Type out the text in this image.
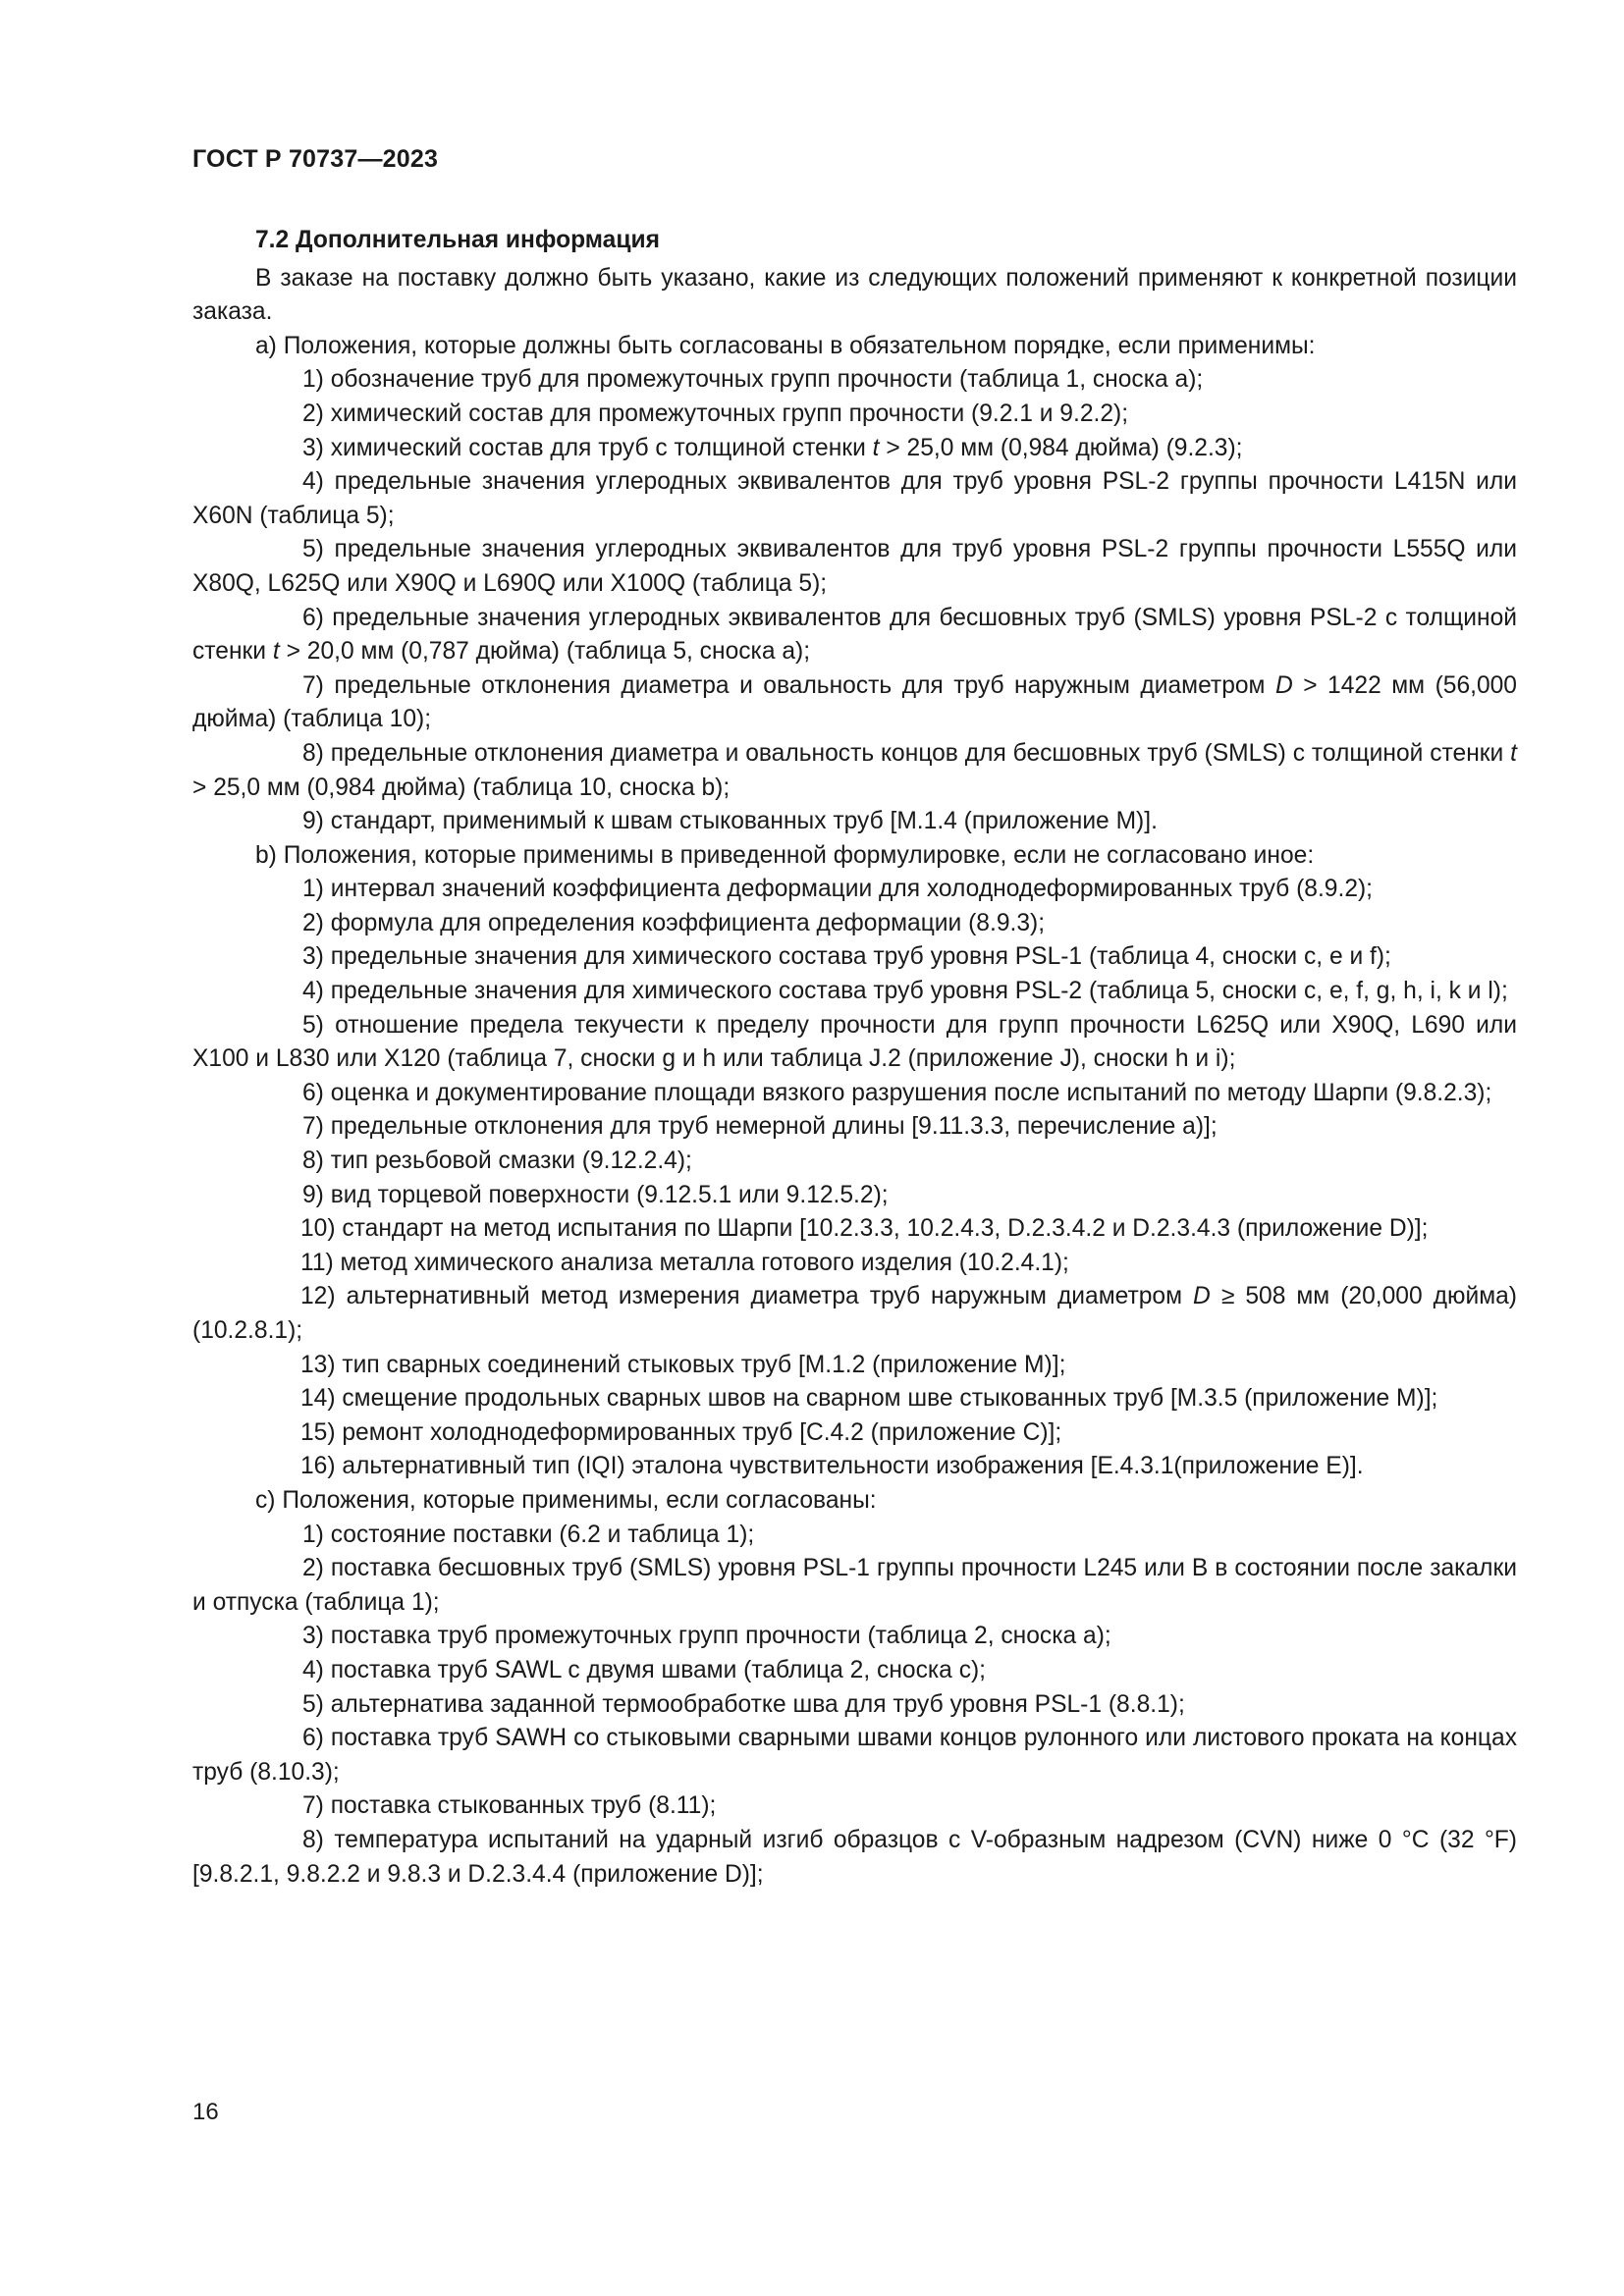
ГОСТ Р 70737—2023
7.2 Дополнительная информация
В заказе на поставку должно быть указано, какие из следующих положений применяют к конкретной позиции заказа.
a) Положения, которые должны быть согласованы в обязательном порядке, если применимы:
1) обозначение труб для промежуточных групп прочности (таблица 1, сноска a);
2) химический состав для промежуточных групп прочности (9.2.1 и 9.2.2);
3) химический состав для труб с толщиной стенки t > 25,0 мм (0,984 дюйма) (9.2.3);
4) предельные значения углеродных эквивалентов для труб уровня PSL-2 группы прочности L415N или X60N (таблица 5);
5) предельные значения углеродных эквивалентов для труб уровня PSL-2 группы прочности L555Q или X80Q, L625Q или X90Q и L690Q или X100Q (таблица 5);
6) предельные значения углеродных эквивалентов для бесшовных труб (SMLS) уровня PSL-2 с толщиной стенки t > 20,0 мм (0,787 дюйма) (таблица 5, сноска a);
7) предельные отклонения диаметра и овальность для труб наружным диаметром D > 1422 мм (56,000 дюйма) (таблица 10);
8) предельные отклонения диаметра и овальность концов для бесшовных труб (SMLS) с толщиной стенки t > 25,0 мм (0,984 дюйма) (таблица 10, сноска b);
9) стандарт, применимый к швам стыкованных труб [M.1.4 (приложение M)].
b) Положения, которые применимы в приведенной формулировке, если не согласовано иное:
1) интервал значений коэффициента деформации для холоднодеформированных труб (8.9.2);
2) формула для определения коэффициента деформации (8.9.3);
3) предельные значения для химического состава труб уровня PSL-1 (таблица 4, сноски c, e и f);
4) предельные значения для химического состава труб уровня PSL-2 (таблица 5, сноски c, e, f, g, h, i, k и l);
5) отношение предела текучести к пределу прочности для групп прочности L625Q или X90Q, L690 или X100 и L830 или X120 (таблица 7, сноски g и h или таблица J.2 (приложение J), сноски h и i);
6) оценка и документирование площади вязкого разрушения после испытаний по методу Шарпи (9.8.2.3);
7) предельные отклонения для труб немерной длины [9.11.3.3, перечисление a)];
8) тип резьбовой смазки (9.12.2.4);
9) вид торцевой поверхности (9.12.5.1 или 9.12.5.2);
10) стандарт на метод испытания по Шарпи [10.2.3.3, 10.2.4.3, D.2.3.4.2 и D.2.3.4.3 (приложение D)];
11) метод химического анализа металла готового изделия (10.2.4.1);
12) альтернативный метод измерения диаметра труб наружным диаметром D ≥ 508 мм (20,000 дюйма) (10.2.8.1);
13) тип сварных соединений стыковых труб [M.1.2 (приложение M)];
14) смещение продольных сварных швов на сварном шве стыкованных труб [M.3.5 (приложение M)];
15) ремонт холоднодеформированных труб [C.4.2 (приложение C)];
16) альтернативный тип (IQI) эталона чувствительности изображения [E.4.3.1(приложение E)].
c) Положения, которые применимы, если согласованы:
1) состояние поставки (6.2 и таблица 1);
2) поставка бесшовных труб (SMLS) уровня PSL-1 группы прочности L245 или B в состоянии после закалки и отпуска (таблица 1);
3) поставка труб промежуточных групп прочности (таблица 2, сноска a);
4) поставка труб SAWL с двумя швами (таблица 2, сноска c);
5) альтернатива заданной термообработке шва для труб уровня PSL-1 (8.8.1);
6) поставка труб SAWH со стыковыми сварными швами концов рулонного или листового проката на концах труб (8.10.3);
7) поставка стыкованных труб (8.11);
8) температура испытаний на ударный изгиб образцов с V-образным надрезом (CVN) ниже 0 °C (32 °F) [9.8.2.1, 9.8.2.2 и 9.8.3 и D.2.3.4.4 (приложение D)];
16
